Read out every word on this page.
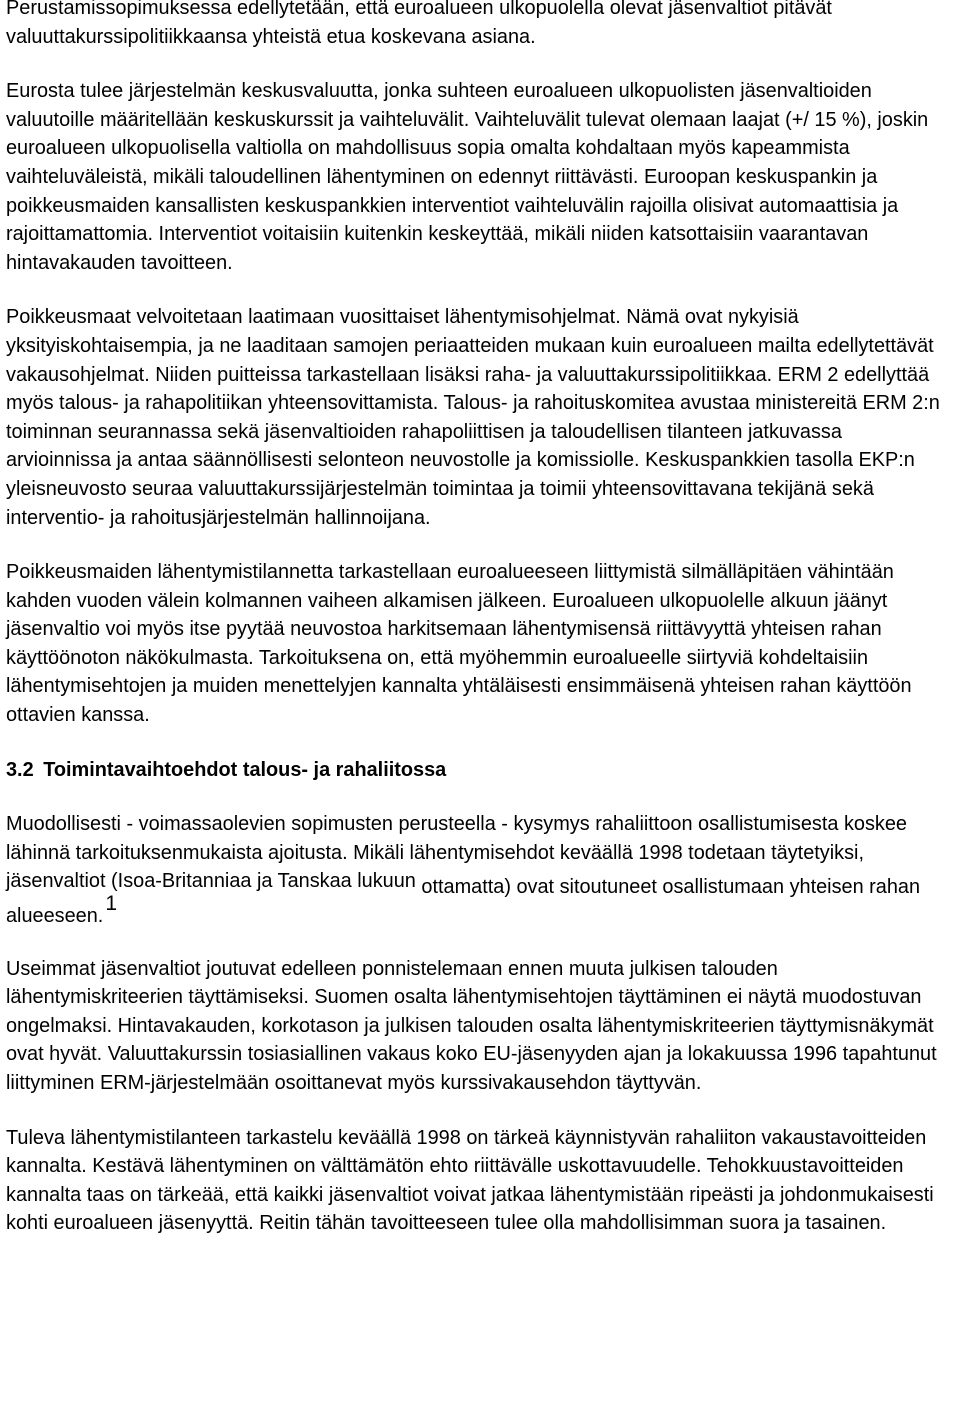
Perustamissopimuksessa edellytetään, että euroalueen ulkopuolella olevat jäsenvaltiot pitävät valuuttakurssipolitiikkaansa yhteistä etua koskevana asiana.

Eurosta tulee järjestelmän keskusvaluutta, jonka suhteen euroalueen ulkopuolisten jäsenvaltioiden valuutoille määritellään keskuskurssit ja vaihteluvälit. Vaihteluvälit tulevat olemaan laajat (+/ 15 %), joskin euroalueen ulkopuolisella valtiolla on mahdollisuus sopia omalta kohdaltaan myös kapeammista vaihteluväleistä, mikäli taloudellinen lähentyminen on edennyt riittävästi. Euroopan keskuspankin ja poikkeusmaiden kansallisten keskuspankkien interventiot vaihteluvälin rajoilla olisivat automaattisia ja rajoittamattomia. Interventiot voitaisiin kuitenkin keskeyttää, mikäli niiden katsottaisiin vaarantavan hintavakauden tavoitteen.

Poikkeusmaat velvoitetaan laatimaan vuosittaiset lähentymisohjelmat. Nämä ovat nykyisiä yksityiskohtaisempia, ja ne laaditaan samojen periaatteiden mukaan kuin euroalueen mailta edellytettävät vakausohjelmat. Niiden puitteissa tarkastellaan lisäksi raha- ja valuuttakurssipolitiikkaa. ERM 2 edellyttää myös talous- ja rahapolitiikan yhteensovittamista. Talous- ja rahoituskomitea avustaa ministereitä ERM 2:n toiminnan seurannassa sekä jäsenvaltioiden rahapoliittisen ja taloudellisen tilanteen jatkuvassa arvioinnissa ja antaa säännöllisesti selonteon neuvostolle ja komissiolle. Keskuspankkien tasolla EKP:n yleisneuvosto seuraa valuuttakurssijärjestelmän toimintaa ja toimii yhteensovittavana tekijänä sekä interventio- ja rahoitusjärjestelmän hallinnoijana.

Poikkeusmaiden lähentymistilannetta tarkastellaan euroalueeseen liittymistä silmälläpitäen vähintään kahden vuoden välein kolmannen vaiheen alkamisen jälkeen. Euroalueen ulkopuolelle alkuun jäänyt jäsenvaltio voi myös itse pyytää neuvostoa harkitsemaan lähentymisensä riittävyyttä yhteisen rahan käyttöönoton näkökulmasta. Tarkoituksena on, että myöhemmin euroalueelle siirtyviä kohdeltaisiin lähentymisehtojen ja muiden menettelyjen kannalta yhtäläisesti ensimmäisenä yhteisen rahan käyttöön ottavien kanssa.

3.2 Toimintavaihtoehdot talous- ja rahaliitossa
Muodollisesti - voimassaolevien sopimusten perusteella - kysymys rahaliittoon osallistumisesta koskee lähinnä tarkoituksenmukaista ajoitusta. Mikäli lähentymisehdot keväällä 1998 todetaan täytetyiksi, jäsenvaltiot (Isoa-Britanniaa ja Tanskaa lukuun ottamatta) ovat sitoutuneet osallistumaan yhteisen rahan alueeseen.1

Useimmat jäsenvaltiot joutuvat edelleen ponnistelemaan ennen muuta julkisen talouden lähentymiskriteerien täyttämiseksi. Suomen osalta lähentymisehtojen täyttäminen ei näytä muodostuvan ongelmaksi. Hintavakauden, korkotason ja julkisen talouden osalta lähentymiskriteerien täyttymisnäkymät ovat hyvät. Valuuttakurssin tosiasiallinen vakaus koko EU-jäsenyyden ajan ja lokakuussa 1996 tapahtunut liittyminen ERM-järjestelmään osoittanevat myös kurssivakausehdon täyttyvän.

Tuleva lähentymistilanteen tarkastelu keväällä 1998 on tärkeä käynnistyvän rahaliiton vakaustavoitteiden kannalta. Kestävä lähentyminen on välttämätön ehto riittävälle uskottavuudelle. Tehokkuustavoitteiden kannalta taas on tärkeää, että kaikki jäsenvaltiot voivat jatkaa lähentymistään ripeästi ja johdonmukaisesti kohti euroalueen jäsenyyttä. Reitin tähän tavoitteeseen tulee olla mahdollisimman suora ja tasainen.
